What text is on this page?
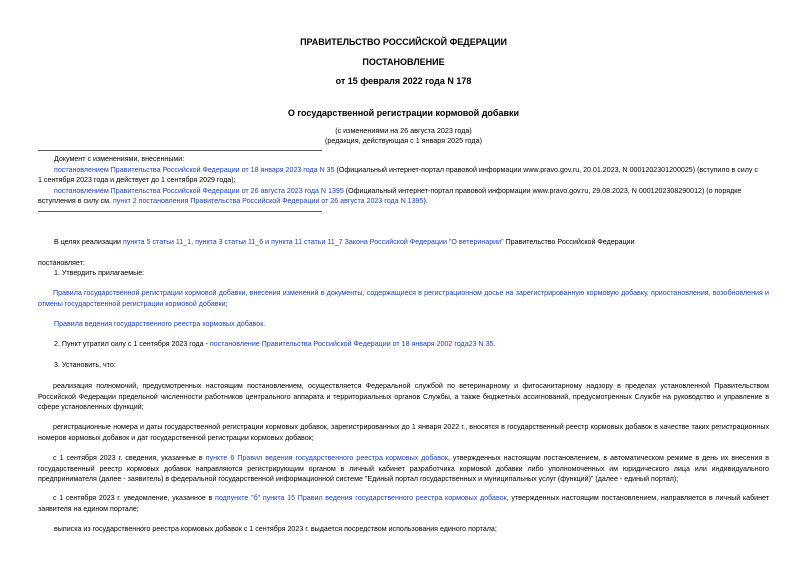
ПРАВИТЕЛЬСТВО РОССИЙСКОЙ ФЕДЕРАЦИИ
ПОСТАНОВЛЕНИЕ
от 15 февраля 2022 года N 178
О государственной регистрации кормовой добавки
(с изменениями на 26 августа 2023 года)
(редакция, действующая с 1 января 2025 года)
Документ с изменениями, внесенными:
постановлением Правительства Российской Федерации от 18 января 2023 года N 35 (Официальный интернет-портал правовой информации www.pravo.gov.ru, 20.01.2023, N 0001202301200025) (вступило в силу с
1 сентября 2023 года и действует до 1 сентября 2029 года);
постановлением Правительства Российской Федерации от 26 августа 2023 года N 1395 (Официальный интернет-портал правовой информации www.pravo.gov.ru, 29.08.2023, N 0001202308290012) (о порядке
вступления в силу см. пункт 2 постановления Правительства Российской Федерации от 26 августа 2023 года N 1395).
В целях реализации пункта 5 статьи 11_1, пункта 3 статьи 11_6 и пункта 11 статьи 11_7 Закона Российской Федерации "О ветеринарии" Правительство Российской Федерации
постановляет:
1. Утвердить прилагаемые:
Правила государственной регистрации кормовой добавки, внесения изменений в документы, содержащиеся в регистрационном досье на зарегистрированную кормовую добавку, приостановления, возобновления и отмены государственной регистрации кормовой добавки;
Правила ведения государственного реестра кормовых добавок.
2. Пункт утратил силу с 1 сентября 2023 года - постановление Правительства Российской Федерации от 18 января 2002 года23 N 35.
3. Установить, что:
реализация полномочий, предусмотренных настоящим постановлением, осуществляется Федеральной службой по ветеринарному и фитосанитарному надзору в пределах установленной Правительством Российской Федерации предельной численности работников центрального аппарата и территориальных органов Службы, а также бюджетных ассигнований, предусмотренных Службе на руководство и управление в сфере установленных функций;
регистрационные номера и даты государственной регистрации кормовых добавок, зарегистрированных до 1 января 2022 г., вносятся в государственный реестр кормовых добавок в качестве таких регистрационных номеров кормовых добавок и дат государственной регистрации кормовых добавок;
с 1 сентября 2023 г. сведения, указанные в пункте 6 Правил ведения государственного реестра кормовых добавок, утвержденных настоящим постановлением, в автоматическом режиме в день их внесения в государственный реестр кормовых добавок направляются регистрирующим органом в личный кабинет разработчика кормовой добавки либо уполномоченных им юридического лица или индивидуального предпринимателя (далее - заявитель) в федеральной государственной информационной системе "Единый портал государственных и муниципальных услуг (функций)" (далее - единый портал);
с 1 сентября 2023 г. уведомление, указанное в подпункте "б" пункта 15 Правил ведения государственного реестра кормовых добавок, утвержденных настоящим постановлением, направляется в личный кабинет заявителя на едином портале;
выписка из государственного реестра кормовых добавок с 1 сентября 2023 г. выдается посредством использования единого портала;
